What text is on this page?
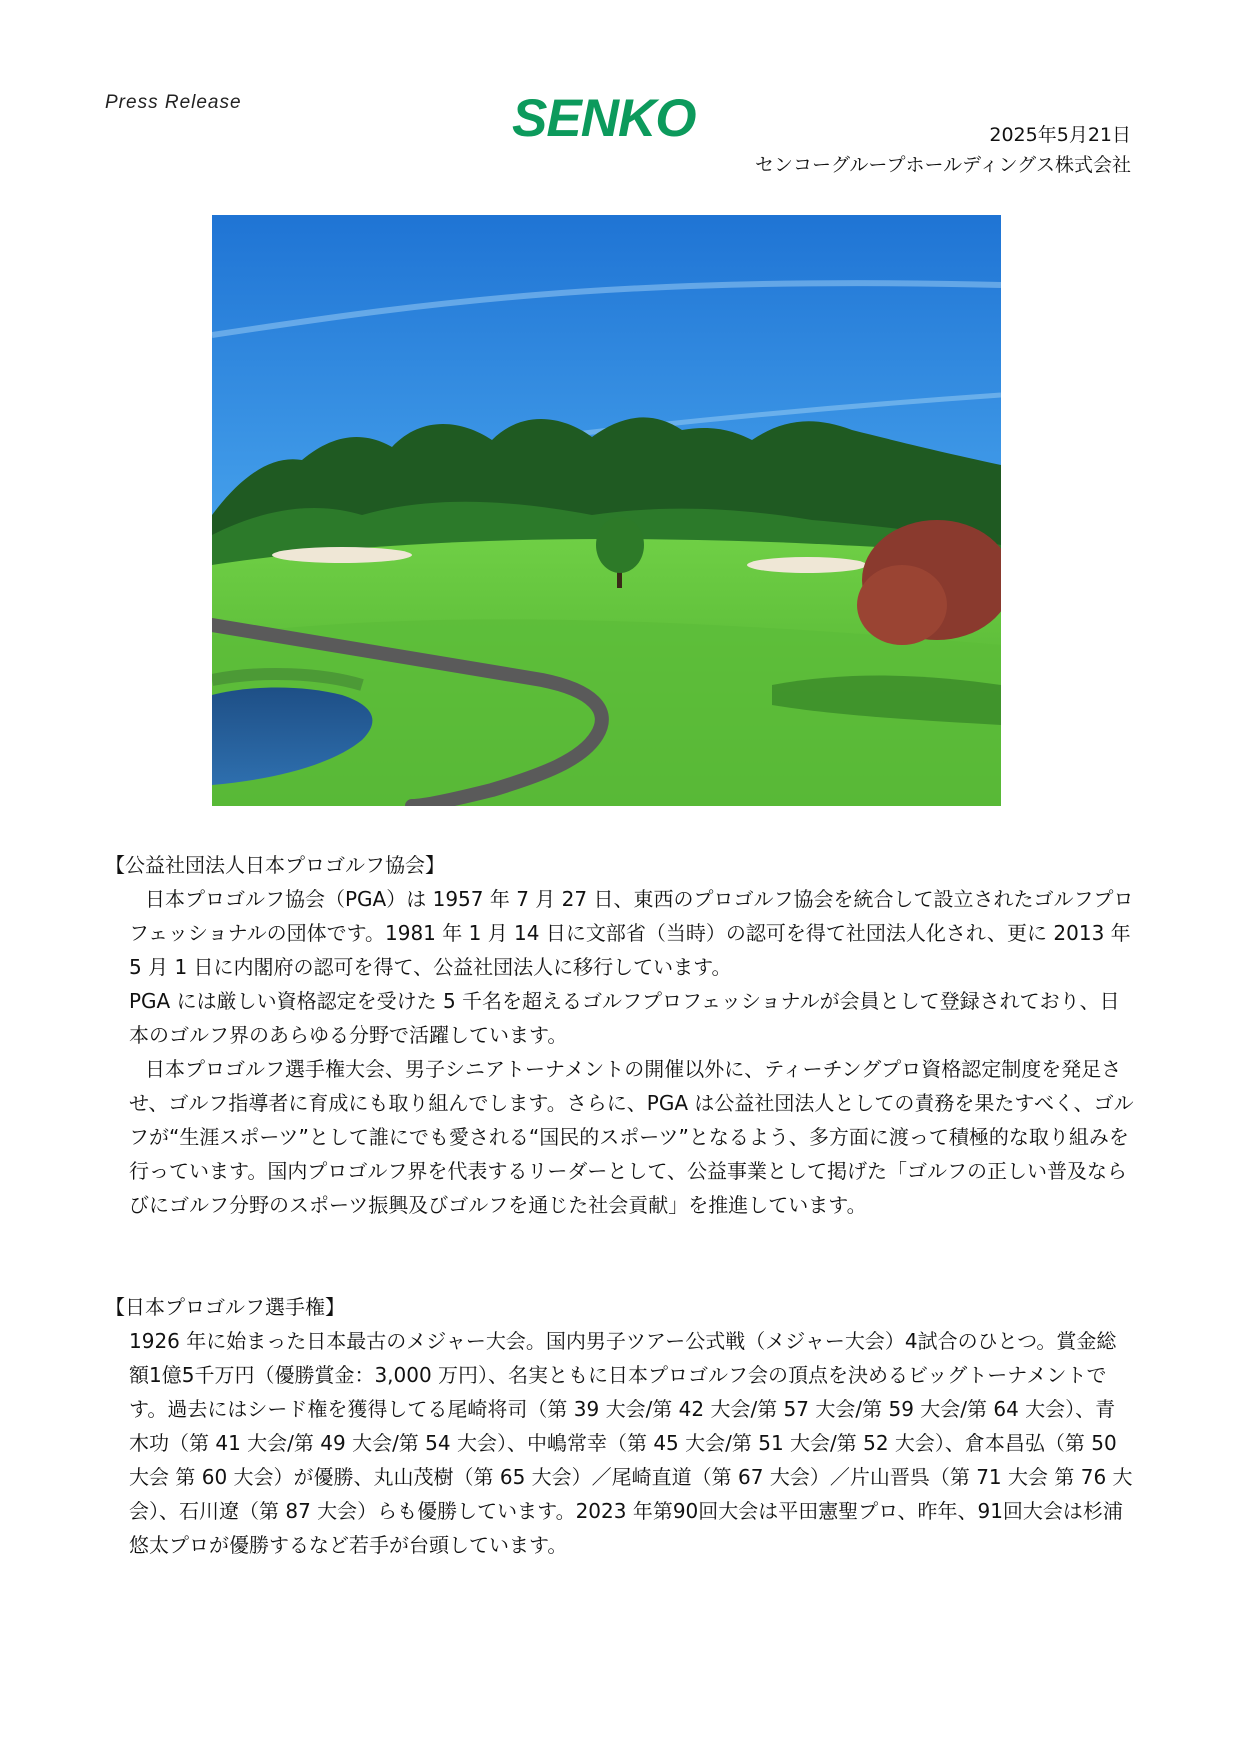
Press Release	SENKO	2025年5月21日
センコーグループホールディングス株式会社
【公益社団法人日本プロゴルフ協会】

日本プロゴルフ協会（PGA）は 1957 年 7 月 27 日、東西のプロゴルフ協会を統合して設立されたゴルフプロフェッショナルの団体です。1981 年 1 月 14 日に文部省（当時）の認可を得て社団法人化され、更に 2013 年 5 月 1 日に内閣府の認可を得て、公益社団法人に移行しています。

PGA には厳しい資格認定を受けた 5 千名を超えるゴルフプロフェッショナルが会員として登録されており、日本のゴルフ界のあらゆる分野で活躍しています。

日本プロゴルフ選手権大会、男子シニアトーナメントの開催以外に、ティーチングプロ資格認定制度を発足させ、ゴルフ指導者に育成にも取り組んでします。さらに、PGA は公益社団法人としての責務を果たすべく、ゴルフが“生涯スポーツ”として誰にでも愛される“国民的スポーツ”となるよう、多方面に渡って積極的な取り組みを行っています。国内プロゴルフ界を代表するリーダーとして、公益事業として掲げた「ゴルフの正しい普及ならびにゴルフ分野のスポーツ振興及びゴルフを通じた社会貢献」を推進しています。

【日本プロゴルフ選手権】

1926 年に始まった日本最古のメジャー大会。国内男子ツアー公式戦（メジャー大会）4試合のひとつ。賞金総額1億5千万円（優勝賞金：3,000 万円）、名実ともに日本プロゴルフ会の頂点を決めるビッグトーナメントです。過去にはシード権を獲得してる尾崎将司（第 39 大会/第 42 大会/第 57 大会/第 59 大会/第 64 大会）、青木功（第 41 大会/第 49 大会/第 54 大会）、中嶋常幸（第 45 大会/第 51 大会/第 52 大会）、倉本昌弘（第 50 大会 第 60 大会）が優勝、丸山茂樹（第 65 大会）／尾崎直道（第 67 大会）／片山晋呉（第 71 大会 第 76 大会）、石川遼（第 87 大会）らも優勝しています。2023 年第90回大会は平田憲聖プロ、昨年、91回大会は杉浦悠太プロが優勝するなど若手が台頭しています。
